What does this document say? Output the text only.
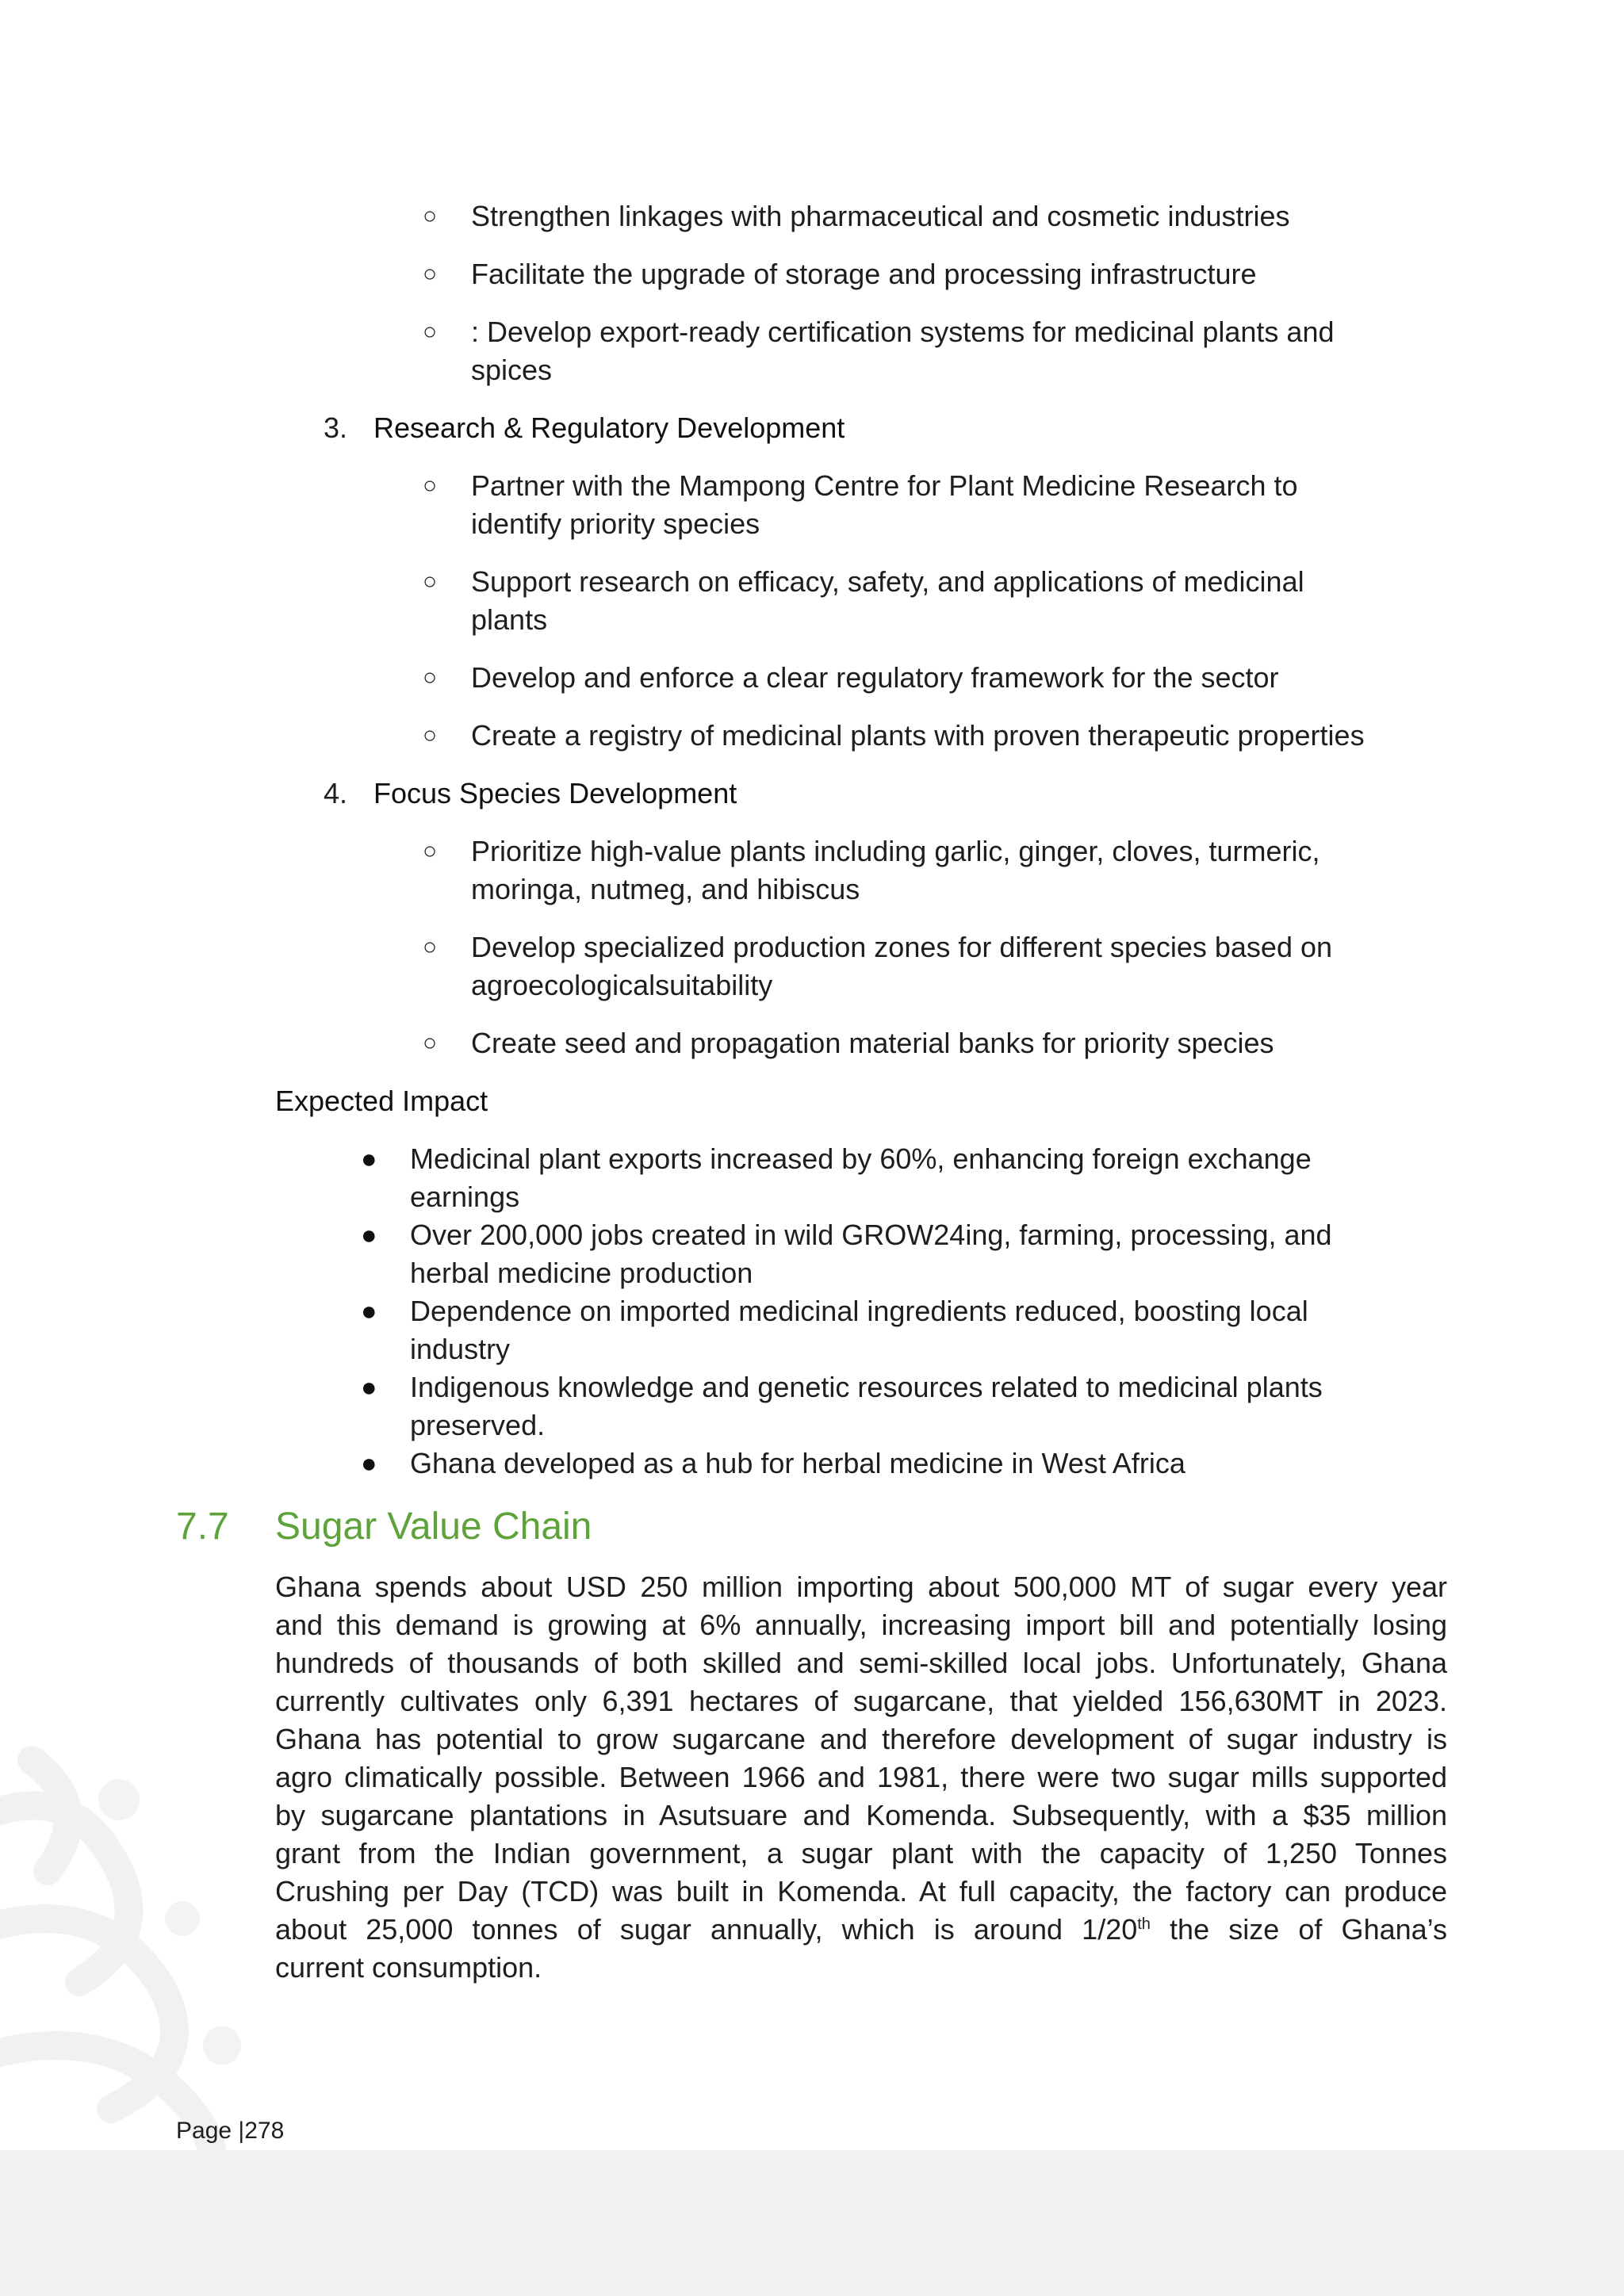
○ Strengthen linkages with pharmaceutical and cosmetic industries
○ Facilitate the upgrade of storage and processing infrastructure
○ : Develop export-ready certification systems for medicinal plants and
spices
3. Research & Regulatory Development
○ Partner with the Mampong Centre for Plant Medicine Research to
identify priority species
○ Support research on efficacy, safety, and applications of medicinal
plants
○ Develop and enforce a clear regulatory framework for the sector
○ Create a registry of medicinal plants with proven therapeutic properties
4. Focus Species Development
○ Prioritize high-value plants including garlic, ginger, cloves, turmeric,
moringa, nutmeg, and hibiscus
○ Develop specialized production zones for different species based on
agroecologicalsuitability
○ Create seed and propagation material banks for priority species
Expected Impact
● Medicinal plant exports increased by 60%, enhancing foreign exchange
earnings
● Over 200,000 jobs created in wild GROW24ing, farming, processing, and
herbal medicine production
● Dependence on imported medicinal ingredients reduced, boosting local
industry
● Indigenous knowledge and genetic resources related to medicinal plants
preserved.
● Ghana developed as a hub for herbal medicine in West Africa
7.7 Sugar Value Chain
Ghana spends about USD 250 million importing about 500,000 MT of sugar every year
and this demand is growing at 6% annually, increasing import bill and potentially losing
hundreds of thousands of both skilled and semi-skilled local jobs. Unfortunately, Ghana
currently cultivates only 6,391 hectares of sugarcane, that yielded 156,630MT in 2023.
Ghana has potential to grow sugarcane and therefore development of sugar industry is
agro climatically possible. Between 1966 and 1981, there were two sugar mills supported
by sugarcane plantations in Asutsuare and Komenda. Subsequently, with a $35 million
grant from the Indian government, a sugar plant with the capacity of 1,250 Tonnes
Crushing per Day (TCD) was built in Komenda. At full capacity, the factory can produce
about 25,000 tonnes of sugar annually, which is around 1/20th the size of Ghana’s
current consumption.
Page |278
